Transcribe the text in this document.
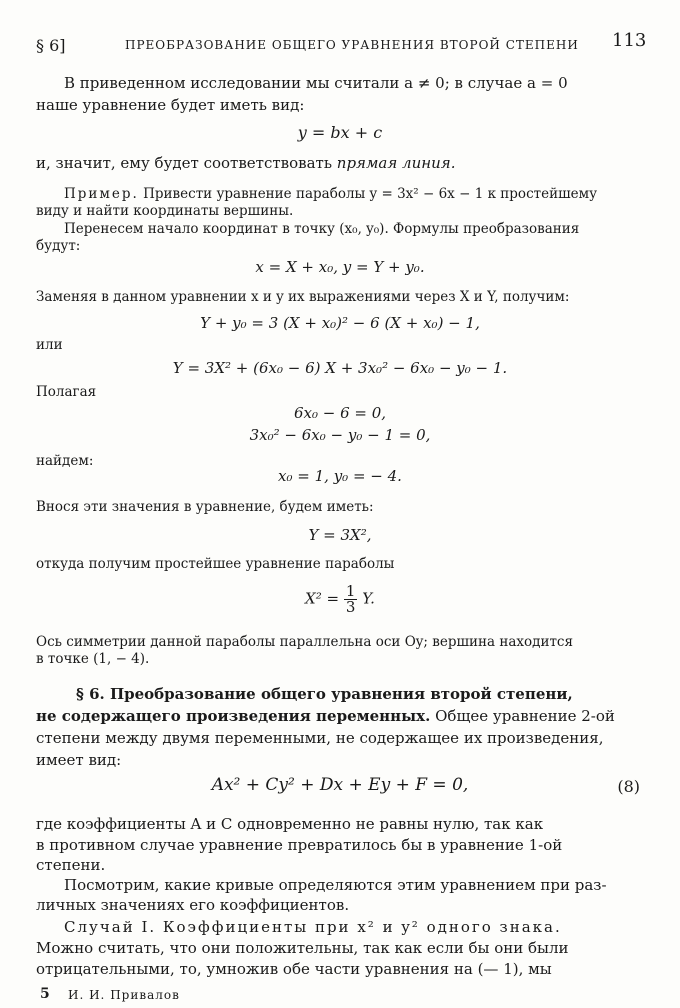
§ 6]	ПРЕОБРАЗОВАНИЕ ОБЩЕГО УРАВНЕНИЯ ВТОРОЙ СТЕПЕНИ 113
В приведенном исследовании мы считали a ≠ 0; в случае a = 0
наше уравнение будет иметь вид:
y = bx + c
и, значит, ему будет соответствовать прямая линия.
Пример. Привести уравнение параболы y = 3x² − 6x − 1 к простейшему
виду и найти координаты вершины.
Перенесем начало координат в точку (x₀, y₀). Формулы преобразования
будут:
x = X + x₀, y = Y + y₀.
Заменяя в данном уравнении x и y их выражениями через X и Y, получим:
Y + y₀ = 3 (X + x₀)² − 6 (X + x₀) − 1,
или
Y = 3X² + (6x₀ − 6) X + 3x₀² − 6x₀ − y₀ − 1.
Полагая
6x₀ − 6 = 0,
3x₀² − 6x₀ − y₀ − 1 = 0,
найдем:
x₀ = 1, y₀ = − 4.
Внося эти значения в уравнение, будем иметь:
Y = 3X²,
откуда получим простейшее уравнение параболы
$X^2 = \frac{1}{3} Y$.
Ось симметрии данной параболы параллельна оси Oy; вершина находится
в точке (1, − 4).
§ 6. Преобразование общего уравнения второй степени,
не содержащего произведения переменных. Общее уравнение 2-ой
степени между двумя переменными, не содержащее их произведения,
имеет вид:
Ax² + Cy² + Dx + Ey + F = 0,	(8)
где коэффициенты A и C одновременно не равны нулю, так как
в противном случае уравнение превратилось бы в уравнение 1-ой
степени.
Посмотрим, какие кривые определяются этим уравнением при раз-
личных значениях его коэффициентов.
Случай I. Коэффициенты при x² и y² одного знака.
Можно считать, что они положительны, так как если бы они были
отрицательными, то, умножив обе части уравнения на (— 1), мы
5 И. И. Привалов
